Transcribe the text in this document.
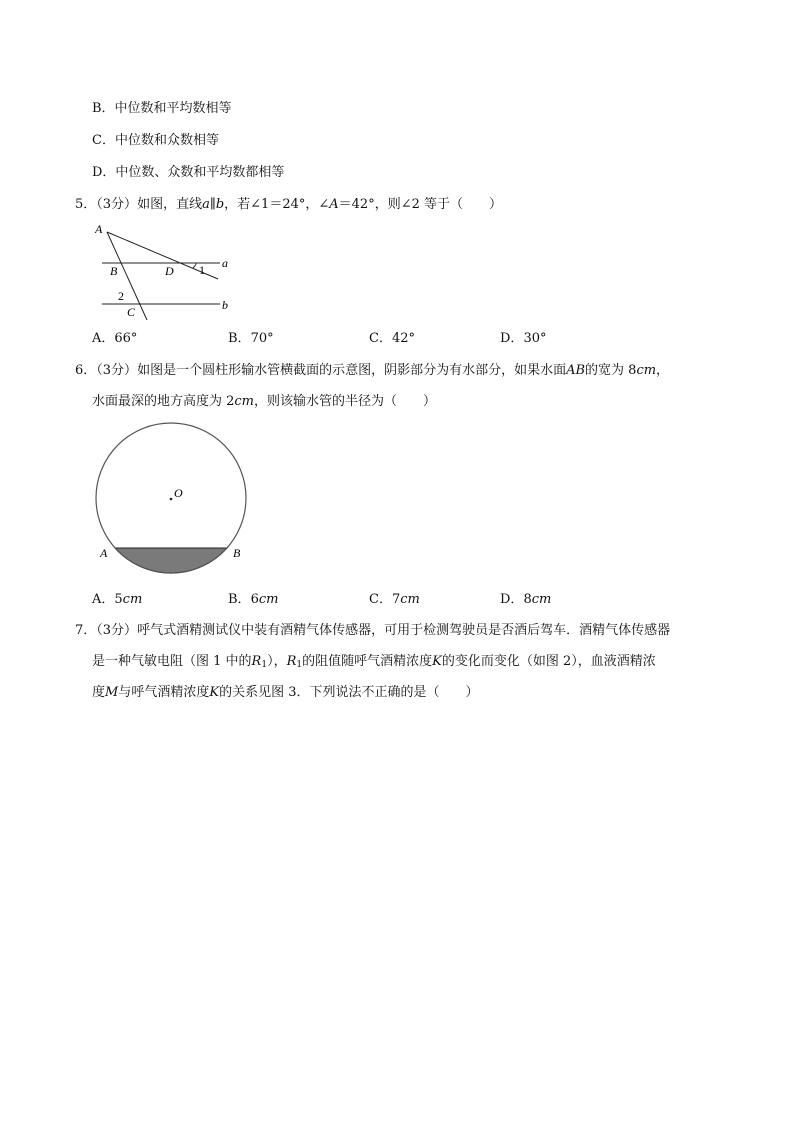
B．中位数和平均数相等
C．中位数和众数相等
D．中位数、众数和平均数都相等
5．（3分）如图，直线a∥b，若∠1＝24°，∠A＝42°，则∠2 等于（　　）
A
B	D 1 a
2
C	b
A．66°	B．70°	C．42°	D．30°
6．（3分）如图是一个圆柱形输水管横截面的示意图，阴影部分为有水部分，如果水面AB的宽为 8cm，
水面最深的地方高度为 2cm，则该输水管的半径为（　　）
O
A	B
A．5cm	B．6cm	C．7cm	D．8cm
7．（3分）呼气式酒精测试仪中装有酒精气体传感器，可用于检测驾驶员是否酒后驾车．酒精气体传感器
是一种气敏电阻（图 1 中的$R_1$），$R_1$的阻值随呼气酒精浓度K的变化而变化（如图 2），血液酒精浓
度M与呼气酒精浓度K的关系见图 3．下列说法不正确的是（　　）
